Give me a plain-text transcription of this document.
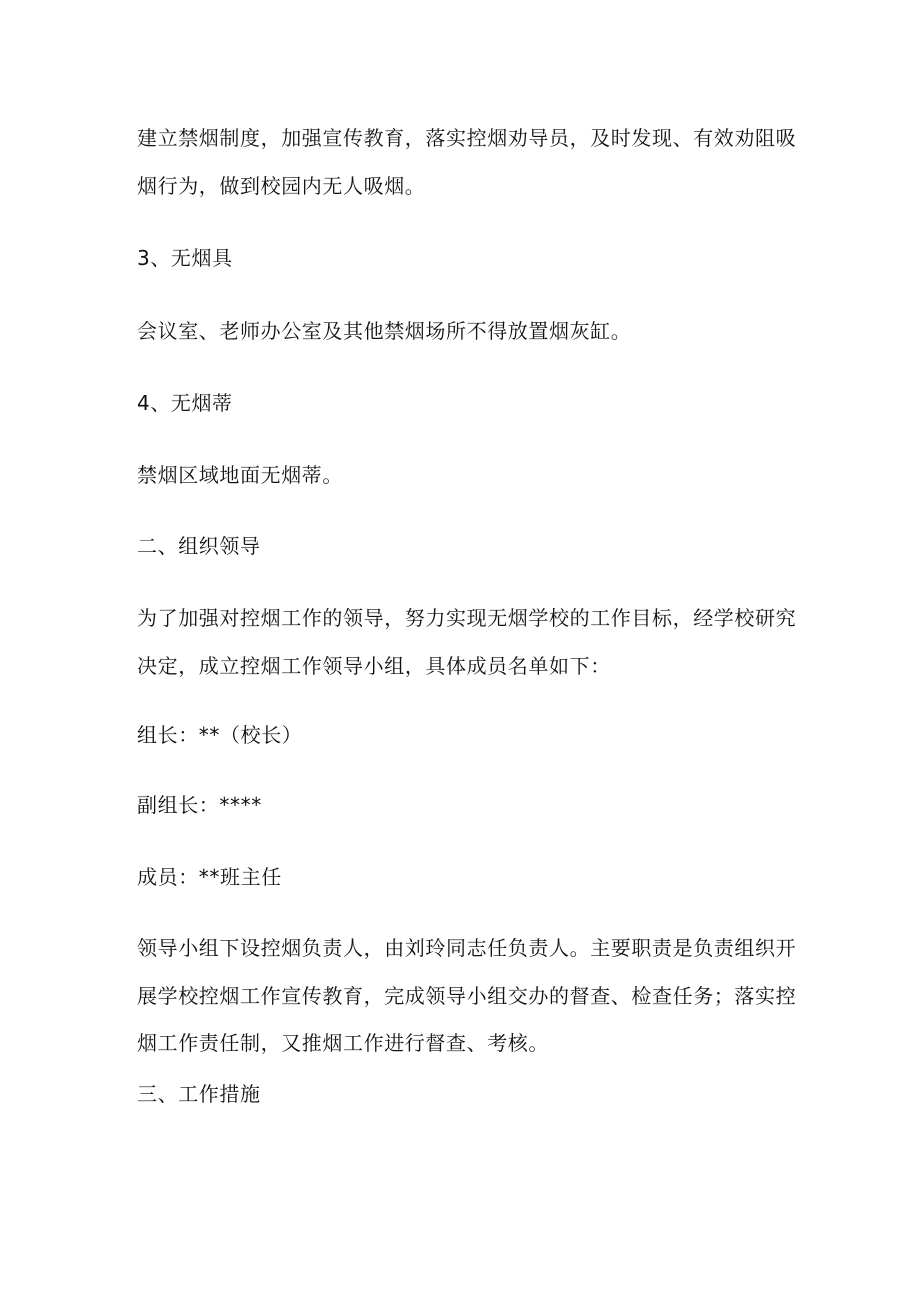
建立禁烟制度，加强宣传教育，落实控烟劝导员，及时发现、有效劝阻吸
烟行为，做到校园内无人吸烟。
3、无烟具
会议室、老师办公室及其他禁烟场所不得放置烟灰缸。
4、无烟蒂
禁烟区域地面无烟蒂。
二、组织领导
为了加强对控烟工作的领导，努力实现无烟学校的工作目标，经学校研究
决定，成立控烟工作领导小组，具体成员名单如下：
组长：**（校长）
副组长：****
成员：**班主任
领导小组下设控烟负责人，由刘玲同志任负责人。主要职责是负责组织开
展学校控烟工作宣传教育，完成领导小组交办的督查、检查任务；落实控
烟工作责任制，又推烟工作进行督查、考核。
三、工作措施
